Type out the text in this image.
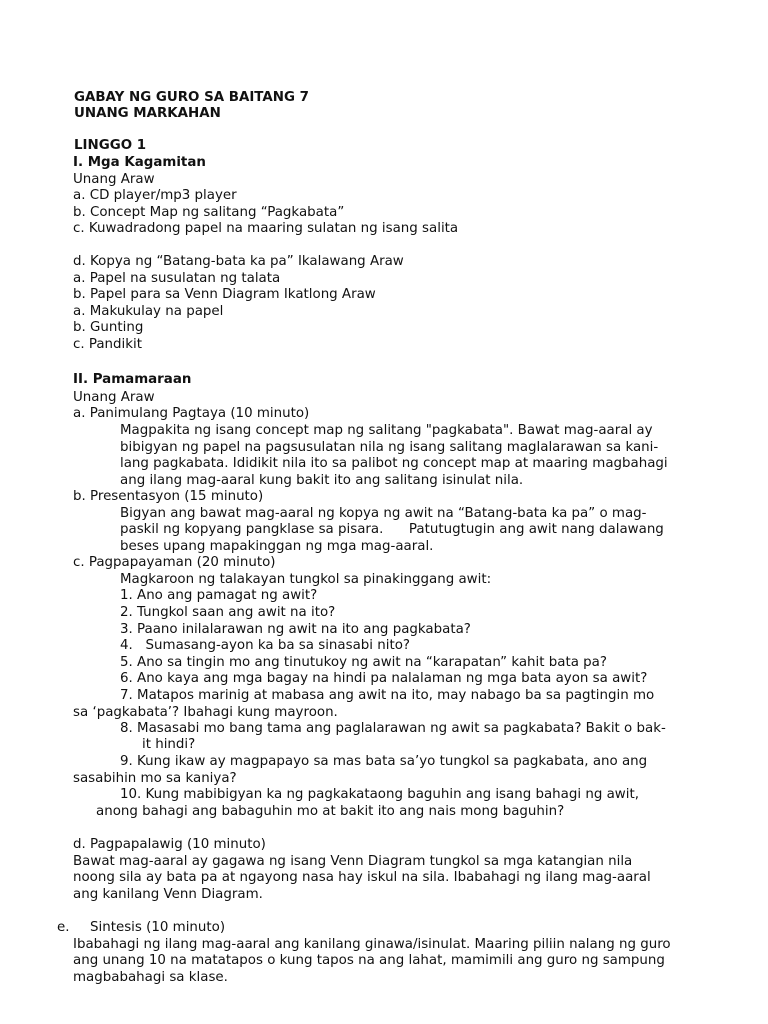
GABAY NG GURO SA BAITANG 7
UNANG MARKAHAN
LINGGO 1
I. Mga Kagamitan
Unang Araw
a. CD player/mp3 player
b. Concept Map ng salitang “Pagkabata”
c. Kuwadradong papel na maaring sulatan ng isang salita
d. Kopya ng “Batang-bata ka pa” Ikalawang Araw
a. Papel na susulatan ng talata
b. Papel para sa Venn Diagram Ikatlong Araw
a. Makukulay na papel
b. Gunting
c. Pandikit
II. Pamamaraan
Unang Araw
a. Panimulang Pagtaya (10 minuto)
Magpakita ng isang concept map ng salitang "pagkabata". Bawat mag-aaral ay
bibigyan ng papel na pagsusulatan nila ng isang salitang maglalarawan sa kani-
lang pagkabata. Ididikit nila ito sa palibot ng concept map at maaring magbahagi
ang ilang mag-aaral kung bakit ito ang salitang isinulat nila.
b. Presentasyon (15 minuto)
Bigyan ang bawat mag-aaral ng kopya ng awit na “Batang-bata ka pa” o mag-
paskil ng kopyang pangklase sa pisara.      Patutugtugin ang awit nang dalawang
beses upang mapakinggan ng mga mag-aaral.
c. Pagpapayaman (20 minuto)
Magkaroon ng talakayan tungkol sa pinakinggang awit:
1. Ano ang pamagat ng awit?
2. Tungkol saan ang awit na ito?
3. Paano inilalarawan ng awit na ito ang pagkabata?
4.   Sumasang-ayon ka ba sa sinasabi nito?
5. Ano sa tingin mo ang tinutukoy ng awit na “karapatan” kahit bata pa?
6. Ano kaya ang mga bagay na hindi pa nalalaman ng mga bata ayon sa awit?
7. Matapos marinig at mabasa ang awit na ito, may nabago ba sa pagtingin mo
sa ‘pagkabata’? Ibahagi kung mayroon.
8. Masasabi mo bang tama ang paglalarawan ng awit sa pagkabata? Bakit o bak-
it hindi?
9. Kung ikaw ay magpapayo sa mas bata sa’yo tungkol sa pagkabata, ano ang
sasabihin mo sa kaniya?
10. Kung mabibigyan ka ng pagkakataong baguhin ang isang bahagi ng awit,
anong bahagi ang babaguhin mo at bakit ito ang nais mong baguhin?
d. Pagpapalawig (10 minuto)
Bawat mag-aaral ay gagawa ng isang Venn Diagram tungkol sa mga katangian nila
noong sila ay bata pa at ngayong nasa hay iskul na sila. Ibabahagi ng ilang mag-aaral
ang kanilang Venn Diagram.
e. Sintesis (10 minuto)
Ibabahagi ng ilang mag-aaral ang kanilang ginawa/isinulat. Maaring piliin nalang ng guro
ang unang 10 na matatapos o kung tapos na ang lahat, mamimili ang guro ng sampung
magbabahagi sa klase.
